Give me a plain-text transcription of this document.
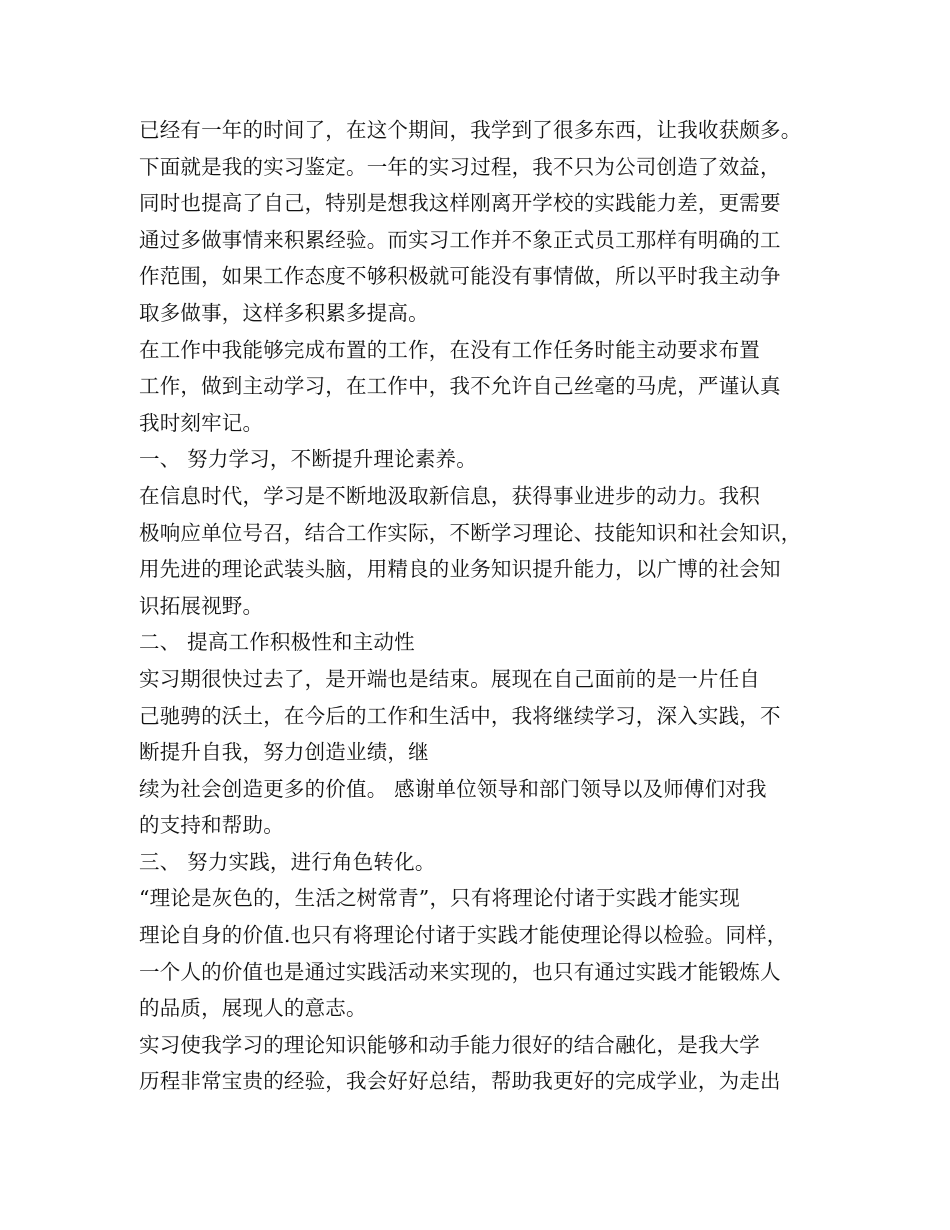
已经有一年的时间了，在这个期间，我学到了很多东西，让我收获颇多。
下面就是我的实习鉴定。一年的实习过程，我不只为公司创造了效益，
同时也提高了自己，特别是想我这样刚离开学校的实践能力差，更需要
通过多做事情来积累经验。而实习工作并不象正式员工那样有明确的工
作范围，如果工作态度不够积极就可能没有事情做，所以平时我主动争
取多做事，这样多积累多提高。
在工作中我能够完成布置的工作，在没有工作任务时能主动要求布置
工作，做到主动学习，在工作中，我不允许自己丝毫的马虎，严谨认真
我时刻牢记。
一、 努力学习，不断提升理论素养。
在信息时代，学习是不断地汲取新信息，获得事业进步的动力。我积
极响应单位号召，结合工作实际，不断学习理论、技能知识和社会知识，
用先进的理论武装头脑，用精良的业务知识提升能力，以广博的社会知
识拓展视野。
二、 提高工作积极性和主动性
实习期很快过去了，是开端也是结束。展现在自己面前的是一片任自
己驰骋的沃土，在今后的工作和生活中，我将继续学习，深入实践，不
断提升自我，努力创造业绩，继
续为社会创造更多的价值。 感谢单位领导和部门领导以及师傅们对我
的支持和帮助。
三、 努力实践，进行角色转化。
“理论是灰色的，生活之树常青”，只有将理论付诸于实践才能实现
理论自身的价值.也只有将理论付诸于实践才能使理论得以检验。同样，
一个人的价值也是通过实践活动来实现的，也只有通过实践才能锻炼人
的品质，展现人的意志。
实习使我学习的理论知识能够和动手能力很好的结合融化，是我大学
历程非常宝贵的经验，我会好好总结，帮助我更好的完成学业，为走出
